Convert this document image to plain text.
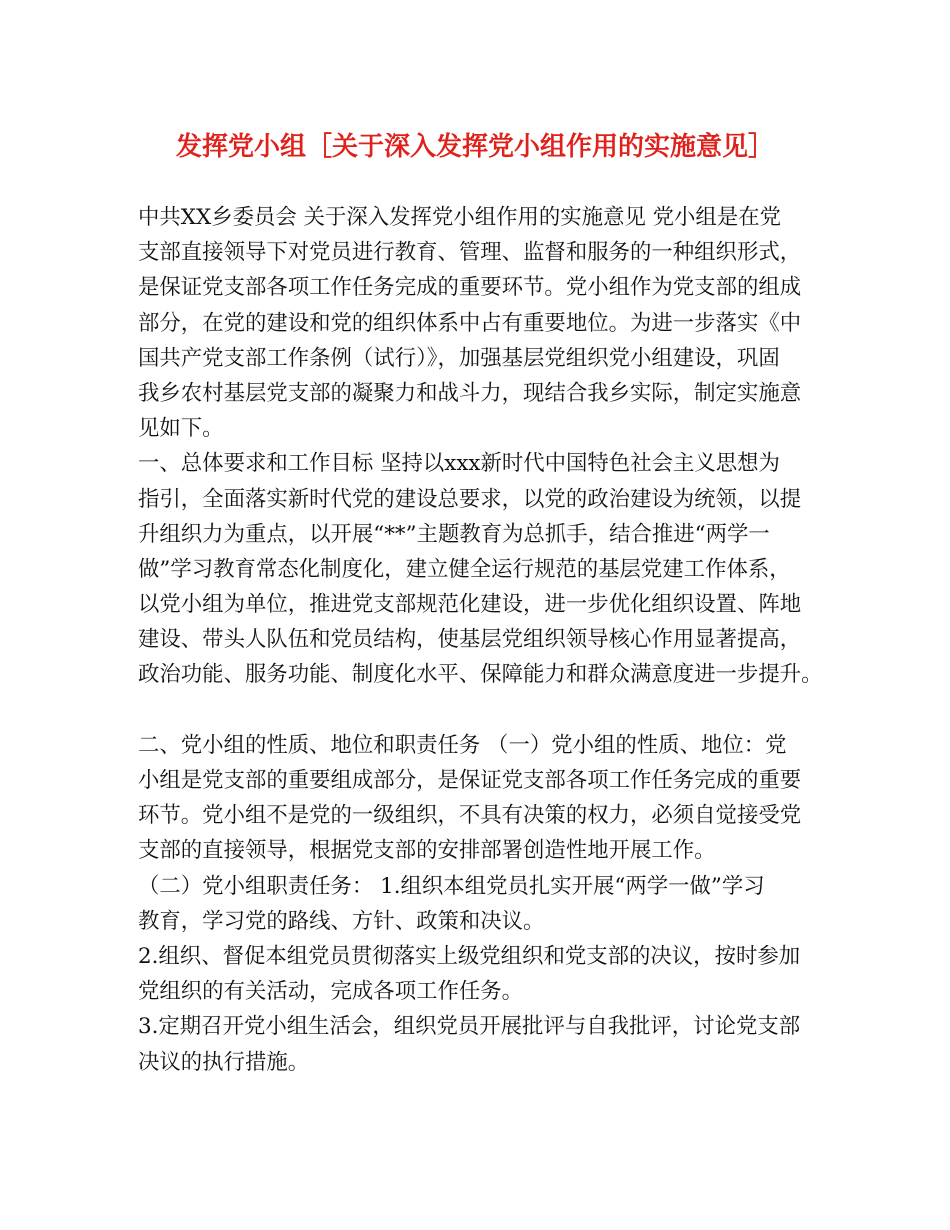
发挥党小组［关于深入发挥党小组作用的实施意见］
中共XX乡委员会 关于深入发挥党小组作用的实施意见 党小组是在党
支部直接领导下对党员进行教育、管理、监督和服务的一种组织形式，
是保证党支部各项工作任务完成的重要环节。党小组作为党支部的组成
部分，在党的建设和党的组织体系中占有重要地位。为进一步落实《中
国共产党支部工作条例（试行）》，加强基层党组织党小组建设，巩固
我乡农村基层党支部的凝聚力和战斗力，现结合我乡实际，制定实施意
见如下。
一、总体要求和工作目标 坚持以xxx新时代中国特色社会主义思想为
指引，全面落实新时代党的建设总要求，以党的政治建设为统领，以提
升组织力为重点，以开展“**”主题教育为总抓手，结合推进“两学一
做”学习教育常态化制度化，建立健全运行规范的基层党建工作体系，
以党小组为单位，推进党支部规范化建设，进一步优化组织设置、阵地
建设、带头人队伍和党员结构，使基层党组织领导核心作用显著提高，
政治功能、服务功能、制度化水平、保障能力和群众满意度进一步提升。
二、党小组的性质、地位和职责任务 （一）党小组的性质、地位：党
小组是党支部的重要组成部分，是保证党支部各项工作任务完成的重要
环节。党小组不是党的一级组织，不具有决策的权力，必须自觉接受党
支部的直接领导，根据党支部的安排部署创造性地开展工作。
（二）党小组职责任务： 1.组织本组党员扎实开展“两学一做”学习
教育，学习党的路线、方针、政策和决议。
2.组织、督促本组党员贯彻落实上级党组织和党支部的决议，按时参加
党组织的有关活动，完成各项工作任务。
3.定期召开党小组生活会，组织党员开展批评与自我批评，讨论党支部
决议的执行措施。
